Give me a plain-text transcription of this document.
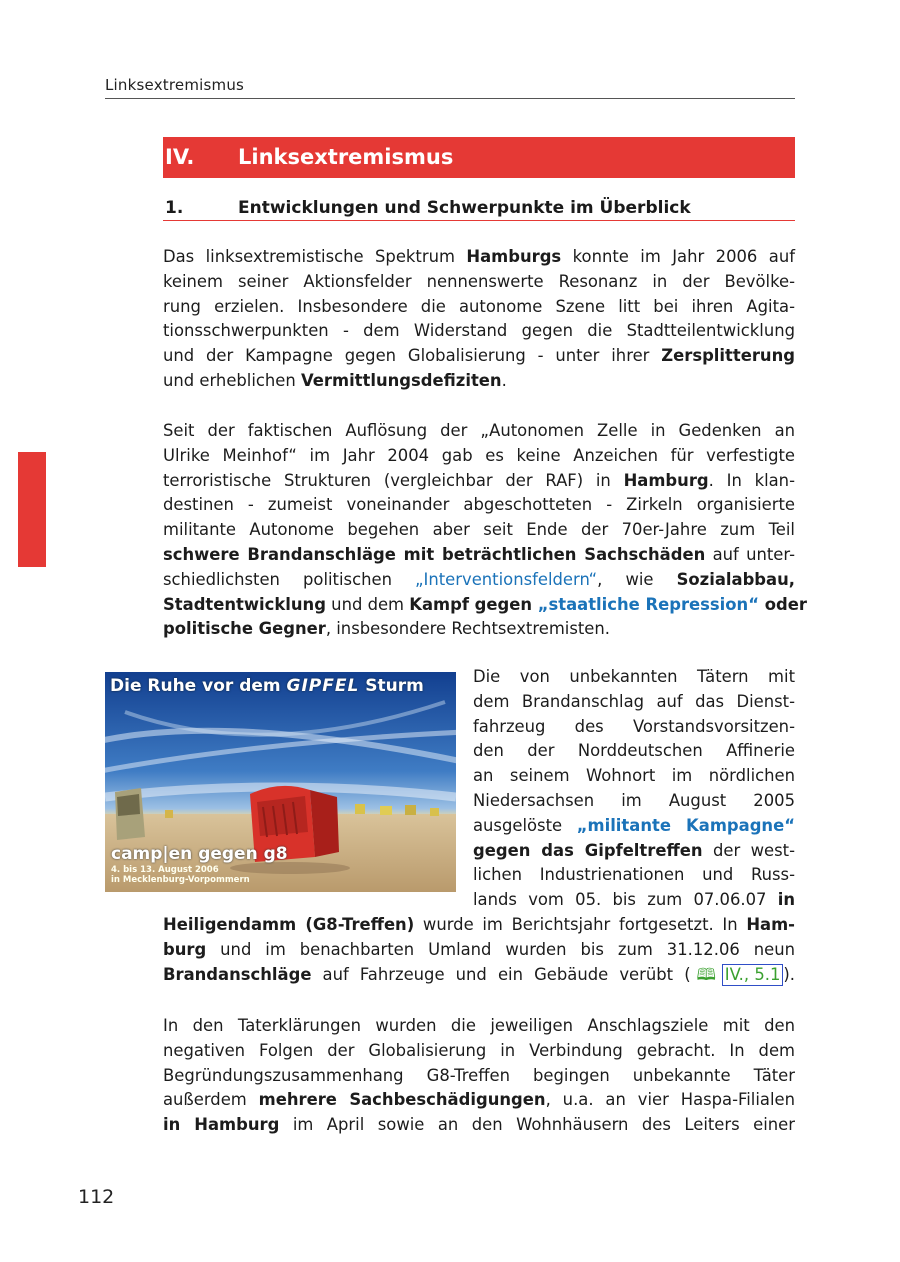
Linksextremismus
IV. Linksextremismus
1.	Entwicklungen und Schwerpunkte im Überblick

Das linksextremistische Spektrum Hamburgs konnte im Jahr 2006 auf
keinem seiner Aktionsfelder nennenswerte Resonanz in der Bevölke-
rung erzielen. Insbesondere die autonome Szene litt bei ihren Agita-
tionsschwerpunkten - dem Widerstand gegen die Stadtteilentwicklung
und der Kampagne gegen Globalisierung - unter ihrer Zersplitterung
und erheblichen Vermittlungsdefiziten.

Seit der faktischen Auflösung der „Autonomen Zelle in Gedenken an
Ulrike Meinhof“ im Jahr 2004 gab es keine Anzeichen für verfestigte
terroristische Strukturen (vergleichbar der RAF) in Hamburg. In klan-
destinen - zumeist voneinander abgeschotteten - Zirkeln organisierte
militante Autonome begehen aber seit Ende der 70er-Jahre zum Teil
schwere Brandanschläge mit beträchtlichen Sachschäden auf unter-
schiedlichsten politischen „Interventionsfeldern“, wie Sozialabbau,
Stadtentwicklung und dem Kampf gegen „staatliche Repression“ oder
politische Gegner, insbesondere Rechtsextremisten.

Die Ruhe vor dem GIPFEL Sturm
camp|en gegen g8
4. bis 13. August 2006
in Mecklenburg-Vorpommern

Die von unbekannten Tätern mit
dem Brandanschlag auf das Dienst-
fahrzeug des Vorstandsvorsitzen-
den der Norddeutschen Affinerie
an seinem Wohnort im nördlichen
Niedersachsen im August 2005
ausgelöste „militante Kampagne“
gegen das Gipfeltreffen der west-
lichen Industrienationen und Russ-
lands vom 05. bis zum 07.06.07 in

Heiligendamm (G8-Treffen) wurde im Berichtsjahr fortgesetzt. In Ham-
burg und im benachbarten Umland wurden bis zum 31.12.06 neun
Brandanschläge auf Fahrzeuge und ein Gebäude verübt (🕮IV., 5.1 ).

In den Taterklärungen wurden die jeweiligen Anschlagsziele mit den
negativen Folgen der Globalisierung in Verbindung gebracht. In dem
Begründungszusammenhang G8-Treffen begingen unbekannte Täter
außerdem mehrere Sachbeschädigungen, u.a. an vier Haspa-Filialen
in Hamburg im April sowie an den Wohnhäusern des Leiters einer

112
